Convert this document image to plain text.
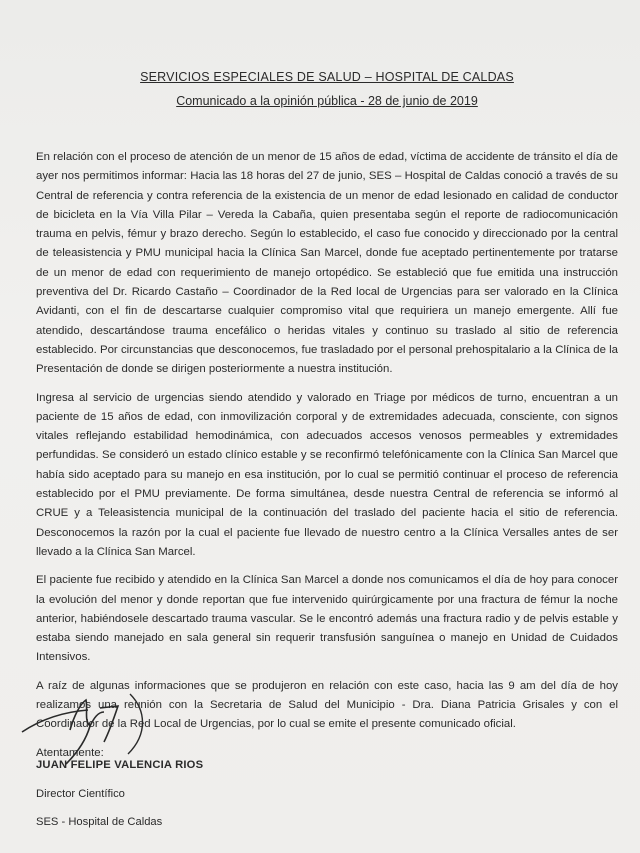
SERVICIOS ESPECIALES DE SALUD – HOSPITAL DE CALDAS

Comunicado a la opinión pública - 28 de junio de 2019

En relación con el proceso de atención de un menor de 15 años de edad, víctima de accidente de tránsito el día de ayer nos permitimos informar: Hacia las 18 horas del 27 de junio, SES – Hospital de Caldas conoció a través de su Central de referencia y contra referencia de la existencia de un menor de edad lesionado en calidad de conductor de bicicleta en la Vía Villa Pilar – Vereda la Cabaña, quien presentaba según el reporte de radiocomunicación trauma en pelvis, fémur y brazo derecho. Según lo establecido, el caso fue conocido y direccionado por la central de teleasistencia y PMU municipal hacia la Clínica San Marcel, donde fue aceptado pertinentemente por tratarse de un menor de edad con requerimiento de manejo ortopédico. Se estableció que fue emitida una instrucción preventiva del Dr. Ricardo Castaño – Coordinador de la Red local de Urgencias para ser valorado en la Clínica Avidanti, con el fin de descartarse cualquier compromiso vital que requiriera un manejo emergente. Allí fue atendido, descartándose trauma encefálico o heridas vitales y continuo su traslado al sitio de referencia establecido. Por circunstancias que desconocemos, fue trasladado por el personal prehospitalario a la Clínica de la Presentación de donde se dirigen posteriormente a nuestra institución.

Ingresa al servicio de urgencias siendo atendido y valorado en Triage por médicos de turno, encuentran a un paciente de 15 años de edad, con inmovilización corporal y de extremidades adecuada, consciente, con signos vitales reflejando estabilidad hemodinámica, con adecuados accesos venosos permeables y extremidades perfundidas. Se consideró un estado clínico estable y se reconfirmó telefónicamente con la Clínica San Marcel que había sido aceptado para su manejo en esa institución, por lo cual se permitió continuar el proceso de referencia establecido por el PMU previamente. De forma simultánea, desde nuestra Central de referencia se informó al CRUE y a Teleasistencia municipal de la continuación del traslado del paciente hacia el sitio de referencia. Desconocemos la razón por la cual el paciente fue llevado de nuestro centro a la Clínica Versalles antes de ser llevado a la Clínica San Marcel.

El paciente fue recibido y atendido en la Clínica San Marcel a donde nos comunicamos el día de hoy para conocer la evolución del menor y donde reportan que fue intervenido quirúrgicamente por una fractura de fémur la noche anterior, habiéndosele descartado trauma vascular. Se le encontró además una fractura radio y de pelvis estable y estaba siendo manejado en sala general sin requerir transfusión sanguínea o manejo en Unidad de Cuidados Intensivos.

A raíz de algunas informaciones que se produjeron en relación con este caso, hacia las 9 am del día de hoy realizamos una reunión con la Secretaria de Salud del Municipio - Dra. Diana Patricia Grisales y con el Coordinador de la Red Local de Urgencias, por lo cual se emite el presente comunicado oficial.

Atentamente:
JUAN FELIPE VALENCIA RIOS
Director Científico
SES - Hospital de Caldas
